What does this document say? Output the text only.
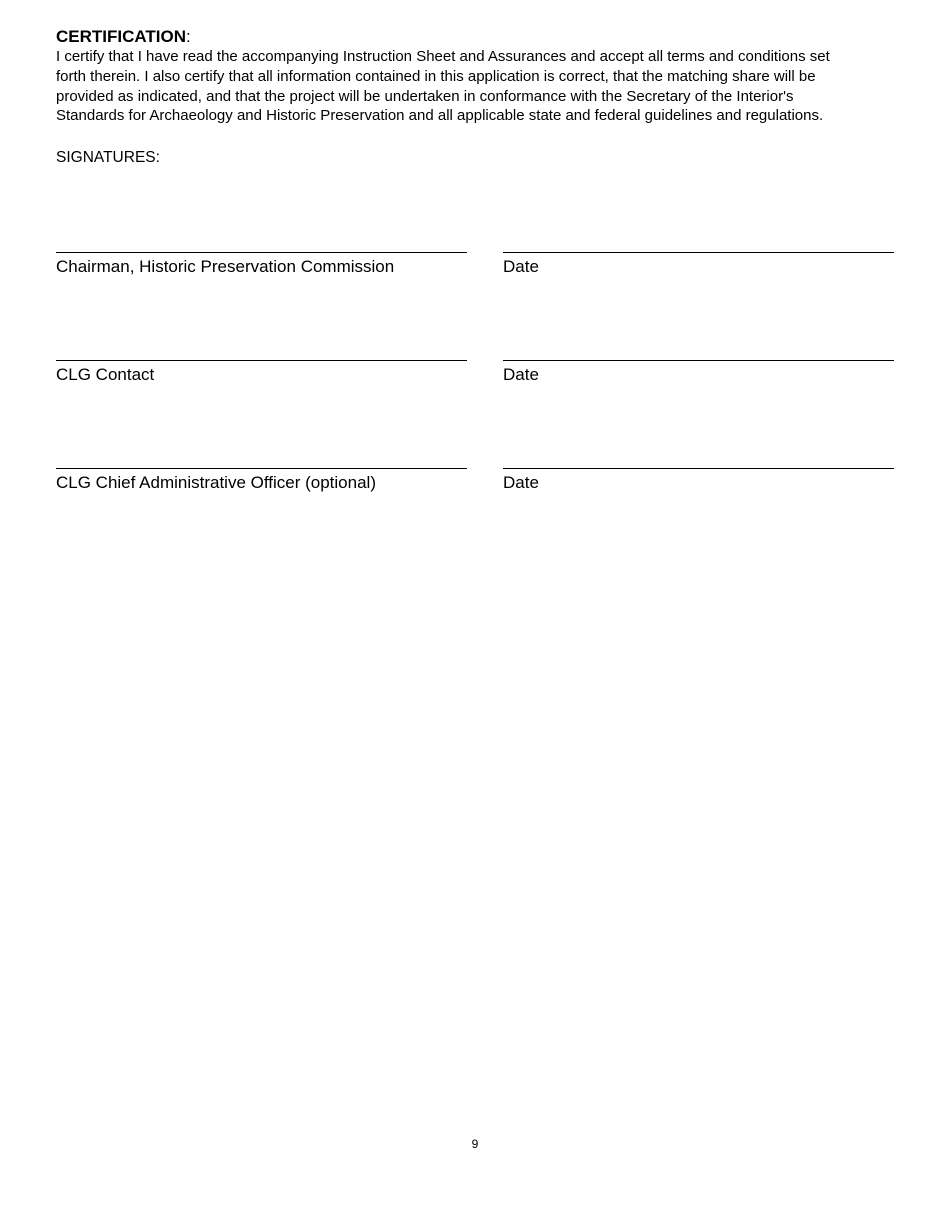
CERTIFICATION:

I certify that I have read the accompanying Instruction Sheet and Assurances and accept all terms and conditions set
forth therein. I also certify that all information contained in this application is correct, that the matching share will be
provided as indicated, and that the project will be undertaken in conformance with the Secretary of the Interior's
Standards for Archaeology and Historic Preservation and all applicable state and federal guidelines and regulations.

SIGNATURES:
Chairman, Historic Preservation Commission	Date
CLG Contact	Date
CLG Chief Administrative Officer (optional)	Date
9
